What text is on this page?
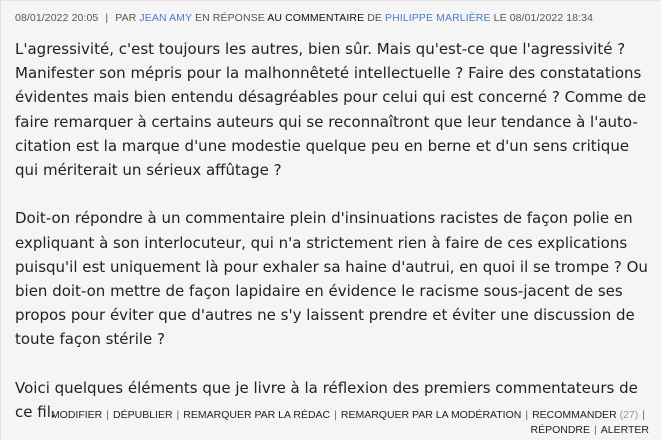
08/01/2022 20:05 | PAR JEAN AMY EN RÉPONSE AU COMMENTAIRE DE PHILIPPE MARLIÈRE LE 08/01/2022 18:34

L'agressivité, c'est toujours les autres, bien sûr. Mais qu'est-ce que l'agressivité ? Manifester son mépris pour la malhonnêteté intellectuelle ? Faire des constatations évidentes mais bien entendu désagréables pour celui qui est concerné ? Comme de faire remarquer à certains auteurs qui se reconnaîtront que leur tendance à l'auto-citation est la marque d'une modestie quelque peu en berne et d'un sens critique qui mériterait un sérieux affûtage ?

Doit-on répondre à un commentaire plein d'insinuations racistes de façon polie en expliquant à son interlocuteur, qui n'a strictement rien à faire de ces explications puisqu'il est uniquement là pour exhaler sa haine d'autrui, en quoi il se trompe ? Ou bien doit-on mettre de façon lapidaire en évidence le racisme sous-jacent de ses propos pour éviter que d'autres ne s'y laissent prendre et éviter une discussion de toute façon stérile ?

Voici quelques éléments que je livre à la réflexion des premiers commentateurs de ce fil.

MODIFIER | DÉPUBLIER | REMARQUER PAR LA RÉDAC | REMARQUER PAR LA MODÉRATION | RECOMMANDER (27) |
RÉPONDRE | ALERTER
